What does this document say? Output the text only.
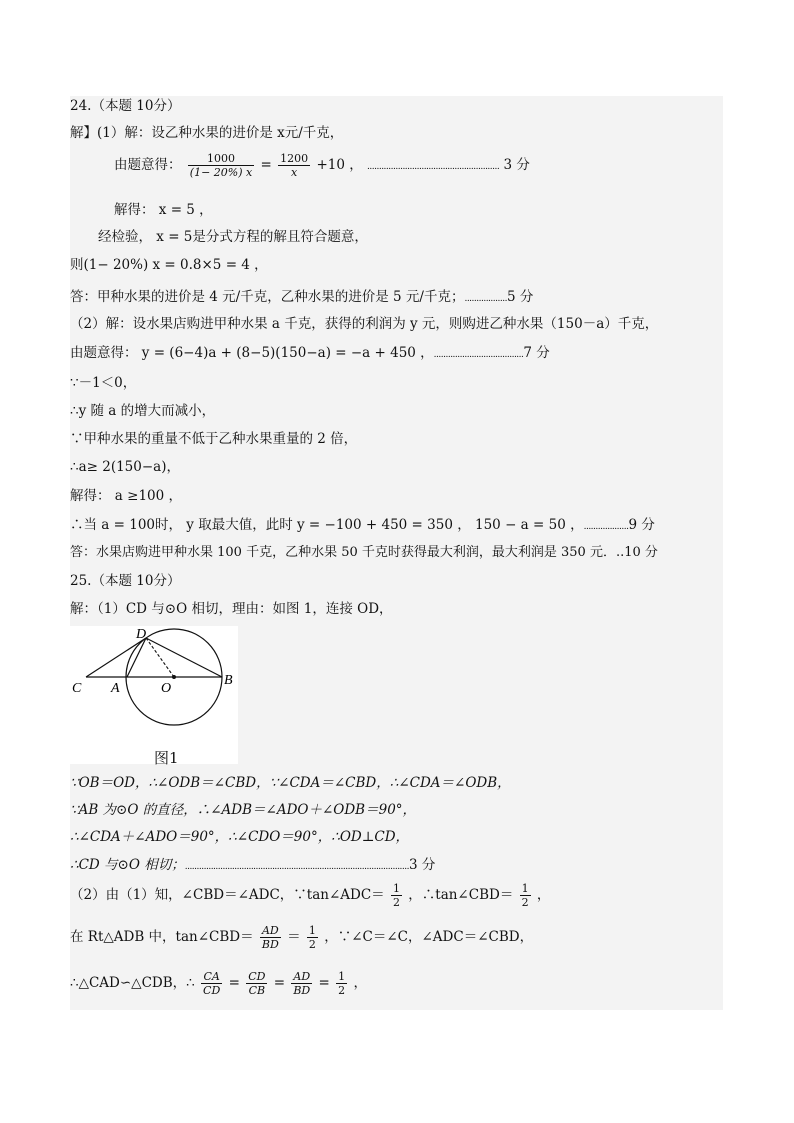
24.（本题 10分）
解】(1）解：设乙种水果的进价是 x元/千克，
由题意得： $\frac{1000}{(1- 20\%) x} = \frac{1200}{x} +10$ ， ........................................................ 3 分
解得： x = 5 ，
经检验， x = 5是分式方程的解且符合题意，
则(1− 20%) x = 0.8×5 = 4 ，
答：甲种水果的进价是 4 元/千克，乙种水果的进价是 5 元/千克；..................5 分
（2）解：设水果店购进甲种水果 a 千克，获得的利润为 y 元，则购进乙种水果（150－a）千克，
由题意得： y = (6−4)a + (8−5)(150−a) = −a + 450 ，......................................7 分
∵－1＜0，
∴y 随 a 的增大而减小，
∵甲种水果的重量不低于乙种水果重量的 2 倍，
∴a≥ 2(150−a)，
解得： a ≥100 ，
∴当 a = 100时， y 取最大值，此时 y = −100 + 450 = 350 ， 150 − a = 50 ，...................9 分
答：水果店购进甲种水果 100 千克，乙种水果 50 千克时获得最大利润，最大利润是 350 元．..10 分
25.（本题 10分）
解：（1）CD 与⊙O 相切，理由：如图 1，连接 OD，
D
C A	O
B
图1
∵OB＝OD，∴∠ODB＝∠CBD，∵∠CDA＝∠CBD，∴∠CDA＝∠ODB，
∵AB 为⊙O 的直径，∴∠ADB＝∠ADO＋∠ODB＝90°，
∴∠CDA＋∠ADO＝90°，∴∠CDO＝90°，∴OD⊥CD，
∴CD 与⊙O 相切；...............................................................................................3 分
（2）由（1）知，∠CBD＝∠ADC，∵tan∠ADC＝ $\frac{1}{2}$ ，∴tan∠CBD＝ $\frac{1}{2}$ ，
在 Rt△ADB 中，tan∠CBD＝ $\frac{AD}{BD} = \frac{1}{2}$ ，∵∠C＝∠C，∠ADC＝∠CBD，
∴△CAD∽△CDB，∴ $\frac{CA}{CD} = \frac{CD}{CB} = \frac{AD}{BD} = \frac{1}{2}$ ，
